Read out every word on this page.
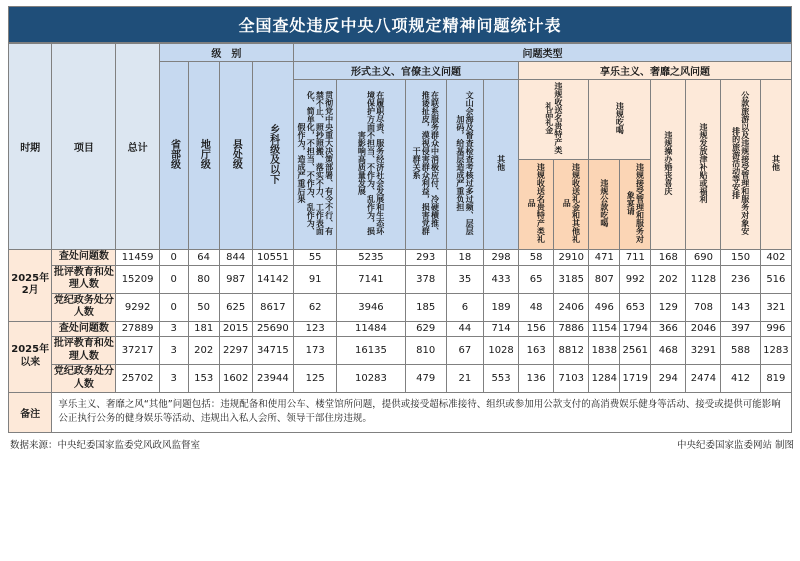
全国查处违反中央八项规定精神问题统计表
时期	项目	总计	级　别				问题类型												
			省部级	地厅级	县处级	乡科级及以下	形式主义、官僚主义问题					享乐主义、奢靡之风问题							
							贯彻党中央重大决策部署、有令不行、有禁不止、照抄照搬、落实不力、工作表面化、简单化，不担当、不作为、乱作为、假作为，造成严重后果	在履职尽责、服务经济社会发展和生态环境保护方面不担当、不作为、乱作为，损害影响高质量发展	在联系服务群众中消极应付、冷硬横推、推诿扯皮，漠视侵害群众利益，损害党群干群关系	文山会海及督查检查考核过多过频、层层加码，给基层造成严重负担	其他	违规收送名贵特产类礼品礼金		违规吃喝		违规操办婚丧喜庆	违规发放津补贴或福利	公款旅游以及违规接受管理和服务对象安排的旅游活动等安排	其他
												违规收送名贵特产类礼品	违规收送礼金和其他礼品	违规公款吃喝	违规接受管理和服务对象宴请				

2025年2月	查处问题数	11459	0	64	844	10551	55	5235	293	18	298	58	2910	471	711	168	690	150	402

批评教育和处理人数	15209	0	80	987	14142	91	7141	378	35	433	65	3185	807	992	202	1128	236	516

党纪政务处分人数	9292	0	50	625	8617	62	3946	185	6	189	48	2406	496	653	129	708	143	321

2025年以来	查处问题数	27889	3	181	2015	25690	123	11484	629	44	714	156	7886	1154	1794	366	2046	397	996

批评教育和处理人数	37217	3	202	2297	34715	173	16135	810	67	1028	163	8812	1838	2561	468	3291	588	1283

党纪政务处分人数	25702	3	153	1602	23944	125	10283	479	21	553	136	7103	1284	1719	294	2474	412	819
备注	享乐主义、奢靡之风“其他”问题包括：违规配备和使用公车、楼堂馆所问题，提供或接受超标准接待、组织或参加用公款支付的高消费娱乐健身等活动、接受或提供可能影响公正执行公务的健身娱乐等活动、违规出入私人会所、领导干部住房违规。																		
数据来源：中央纪委国家监委党风政风监督室	中央纪委国家监委网站 制图
